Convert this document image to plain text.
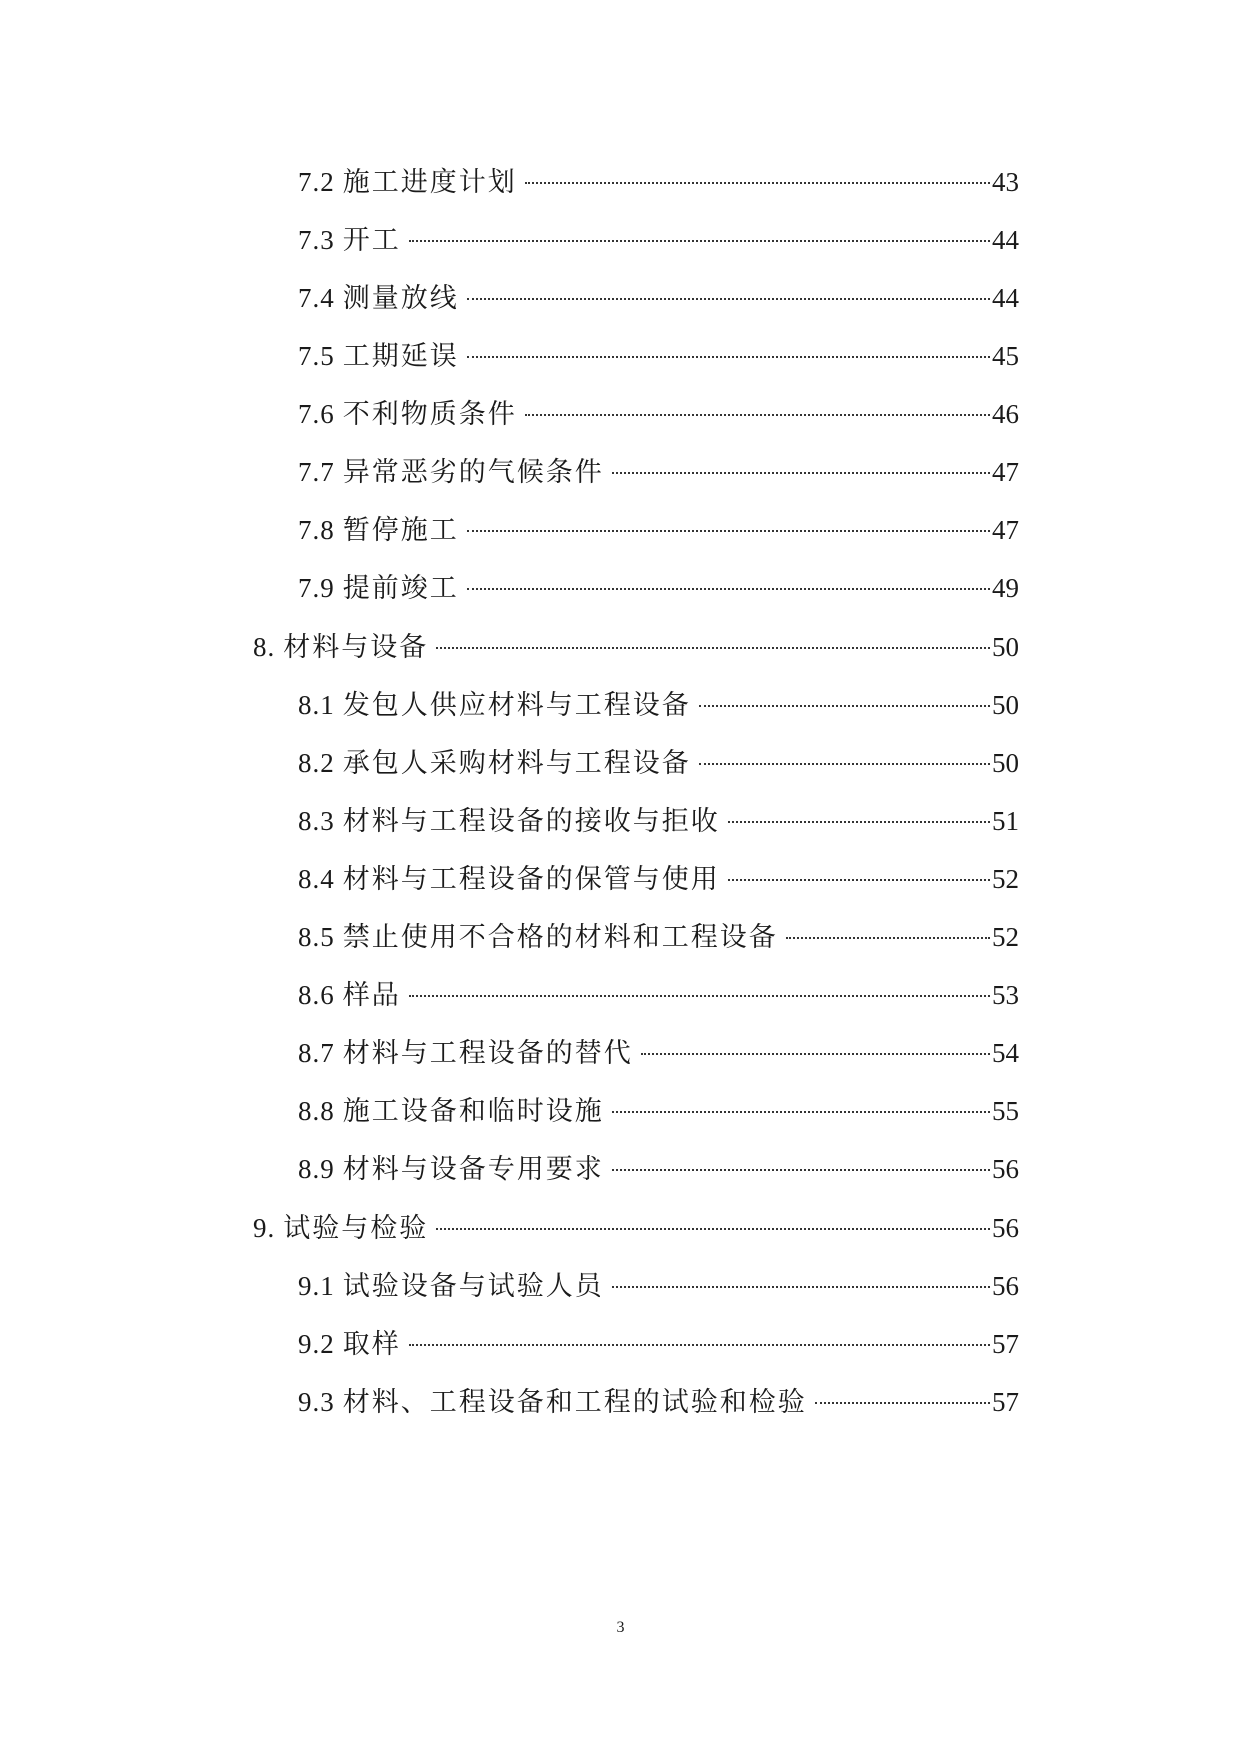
7.2 施工进度计划	43
7.3 开工	44
7.4 测量放线	44
7.5 工期延误	45
7.6 不利物质条件	46
7.7 异常恶劣的气候条件	47
7.8 暂停施工	47
7.9 提前竣工	49
8. 材料与设备	50
8.1 发包人供应材料与工程设备	50
8.2 承包人采购材料与工程设备	50
8.3 材料与工程设备的接收与拒收	51
8.4 材料与工程设备的保管与使用	52
8.5 禁止使用不合格的材料和工程设备	52
8.6 样品	53
8.7 材料与工程设备的替代	54
8.8 施工设备和临时设施	55
8.9 材料与设备专用要求	56
9. 试验与检验	56
9.1 试验设备与试验人员	56
9.2 取样	57
9.3 材料、工程设备和工程的试验和检验	57
3
